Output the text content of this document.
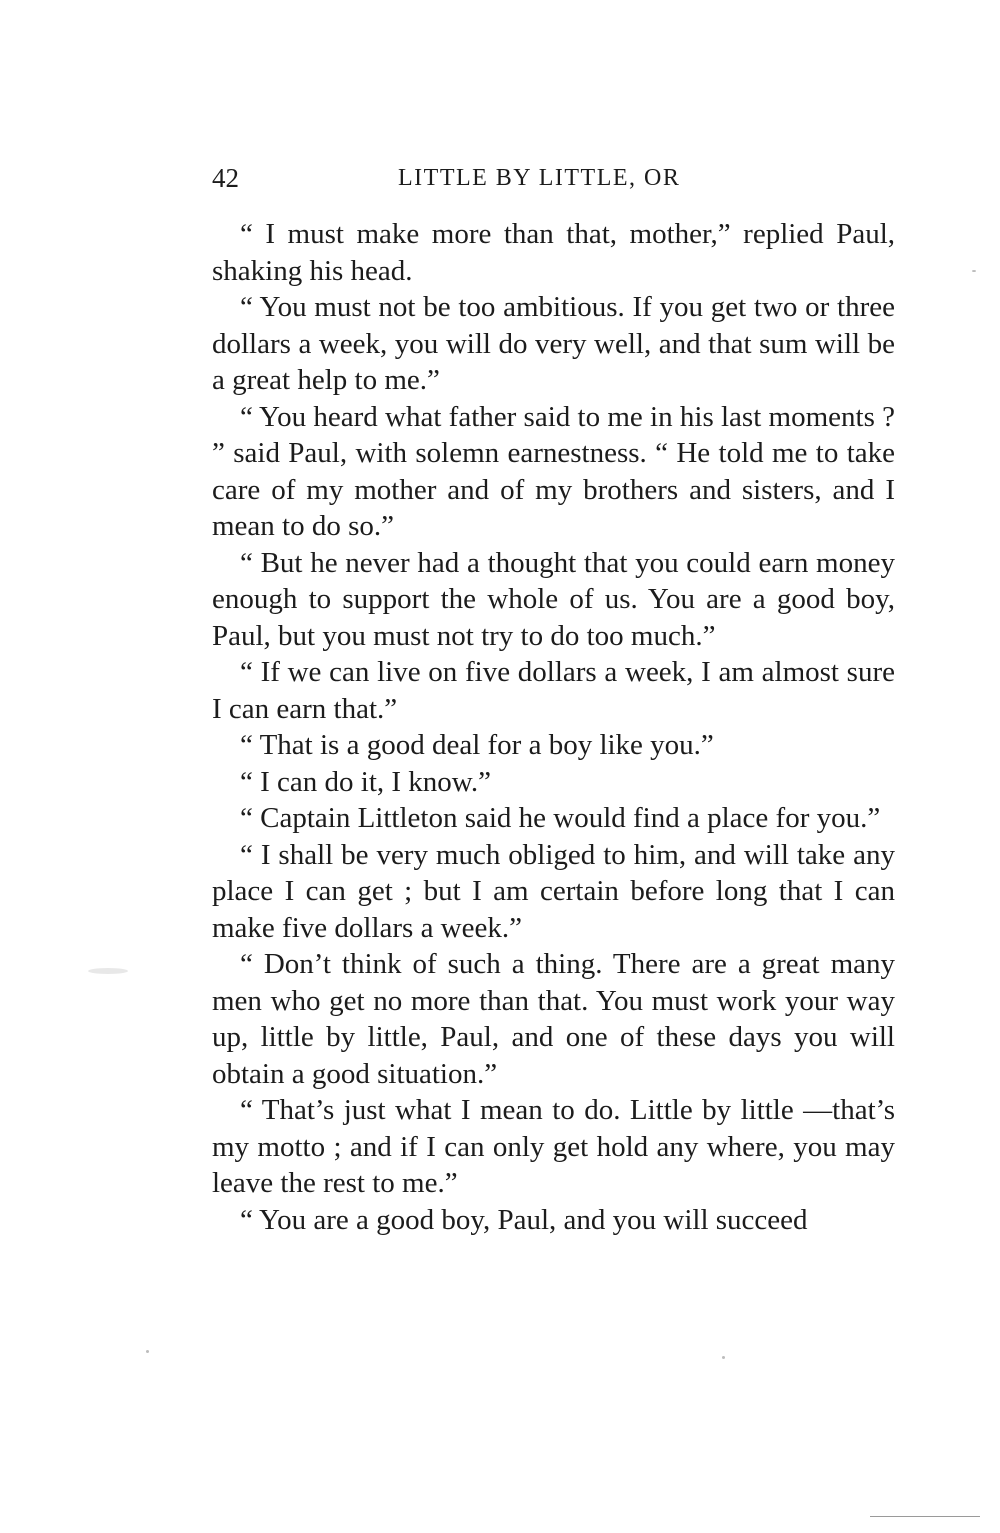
42	LITTLE BY LITTLE, OR

“ I must make more than that, mother,” replied Paul, shaking his head.

“ You must not be too ambitious. If you get two or three dollars a week, you will do very well, and that sum will be a great help to me.”

“ You heard what father said to me in his last moments ? ” said Paul, with solemn earnestness. “ He told me to take care of my mother and of my brothers and sisters, and I mean to do so.”

“ But he never had a thought that you could earn money enough to support the whole of us. You are a good boy, Paul, but you must not try to do too much.”

“ If we can live on five dollars a week, I am almost sure I can earn that.”

“ That is a good deal for a boy like you.”

“ I can do it, I know.”

“ Captain Littleton said he would find a place for you.”

“ I shall be very much obliged to him, and will take any place I can get ; but I am certain before long that I can make five dollars a week.”

“ Don’t think of such a thing. There are a great many men who get no more than that. You must work your way up, little by little, Paul, and one of these days you will obtain a good situation.”

“ That’s just what I mean to do. Little by little —that’s my motto ; and if I can only get hold any where, you may leave the rest to me.”

“ You are a good boy, Paul, and you will succeed
